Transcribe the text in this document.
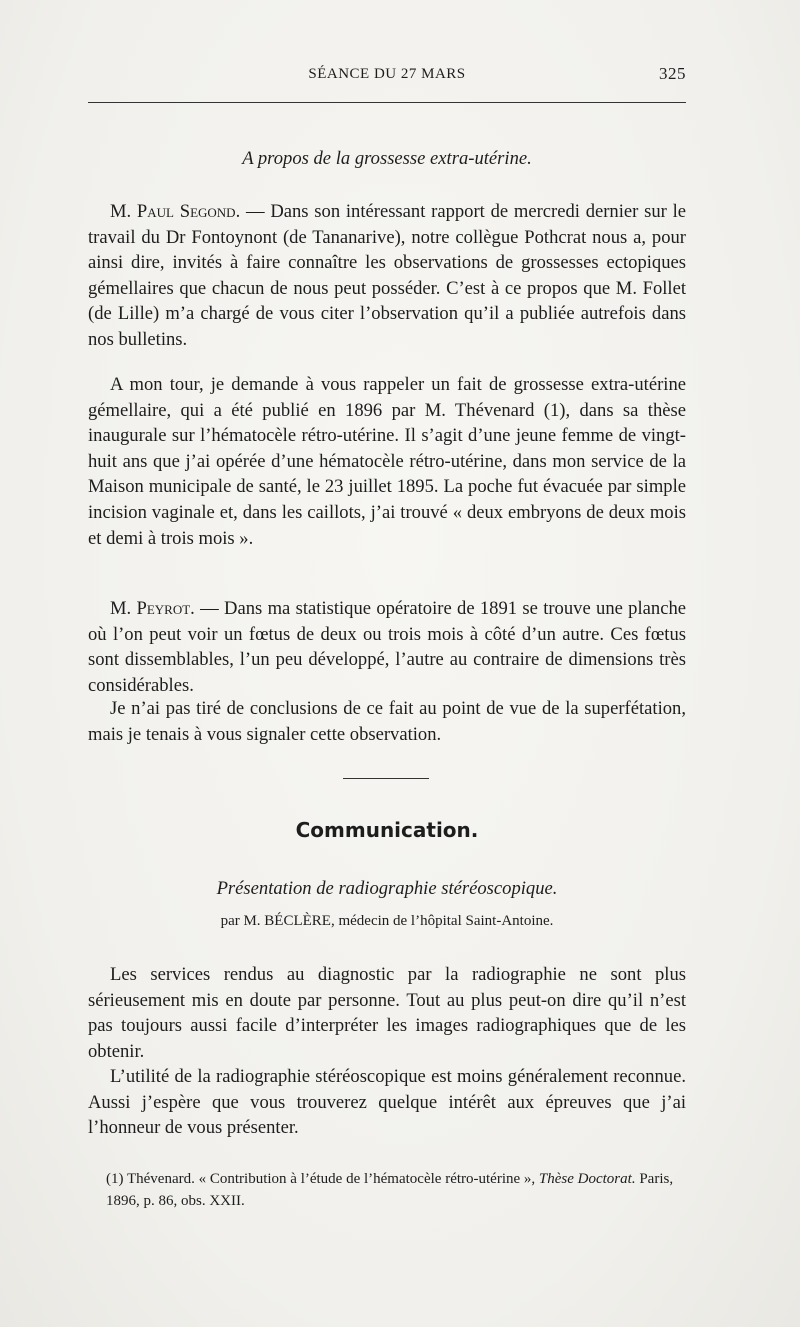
SÉANCE DU 27 MARS	325
A propos de la grossesse extra-utérine.
M. Paul Segond. — Dans son intéressant rapport de mercredi dernier sur le travail du Dr Fontoynont (de Tananarive), notre collègue Pothcrat nous a, pour ainsi dire, invités à faire connaître les observations de grossesses ectopiques gémellaires que chacun de nous peut posséder. C’est à ce propos que M. Follet (de Lille) m’a chargé de vous citer l’observation qu’il a publiée autrefois dans nos bulletins.
A mon tour, je demande à vous rappeler un fait de grossesse extra-utérine gémellaire, qui a été publié en 1896 par M. Thévenard (1), dans sa thèse inaugurale sur l’hématocèle rétro-utérine. Il s’agit d’une jeune femme de vingt-huit ans que j’ai opérée d’une hématocèle rétro-utérine, dans mon service de la Maison municipale de santé, le 23 juillet 1895. La poche fut évacuée par simple incision vaginale et, dans les caillots, j’ai trouvé « deux embryons de deux mois et demi à trois mois ».
M. Peyrot. — Dans ma statistique opératoire de 1891 se trouve une planche où l’on peut voir un fœtus de deux ou trois mois à côté d’un autre. Ces fœtus sont dissemblables, l’un peu développé, l’autre au contraire de dimensions très considérables.
Je n’ai pas tiré de conclusions de ce fait au point de vue de la superfétation, mais je tenais à vous signaler cette observation.
Communication.
Présentation de radiographie stéréoscopique.
par M. BÉCLÈRE, médecin de l’hôpital Saint-Antoine.
Les services rendus au diagnostic par la radiographie ne sont plus sérieusement mis en doute par personne. Tout au plus peut-on dire qu’il n’est pas toujours aussi facile d’interpréter les images radiographiques que de les obtenir.
L’utilité de la radiographie stéréoscopique est moins généralement reconnue. Aussi j’espère que vous trouverez quelque intérêt aux épreuves que j’ai l’honneur de vous présenter.
(1) Thévenard. « Contribution à l’étude de l’hématocèle rétro-utérine », Thèse Doctorat. Paris, 1896, p. 86, obs. XXII.
